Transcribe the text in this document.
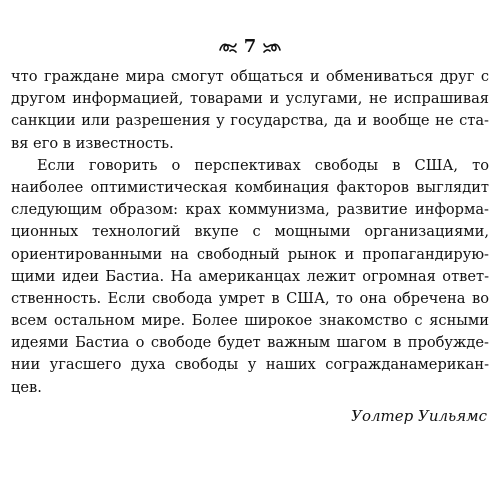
7
что граждане мира смогут общаться и обмениваться друг с
другом информацией, товарами и услугами, не испрашивая
санкции или разрешения у государства, да и вообще не ста-
вя его в известность.
Если говорить о перспективах свободы в США, то
наиболее оптимистическая комбинация факторов выглядит
следующим образом: крах коммунизма, развитие информа-
ционных технологий вкупе с мощными организациями,
ориентированными на свободный рынок и пропагандирую-
щими идеи Бастиа. На американцах лежит огромная ответ-
ственность. Если свобода умрет в США, то она обречена во
всем остальном мире. Более широкое знакомство с ясными
идеями Бастиа о свободе будет важным шагом в пробужде-
нии угасшего духа свободы у наших согражданамерикан-
цев.
Уолтер Уильямс
